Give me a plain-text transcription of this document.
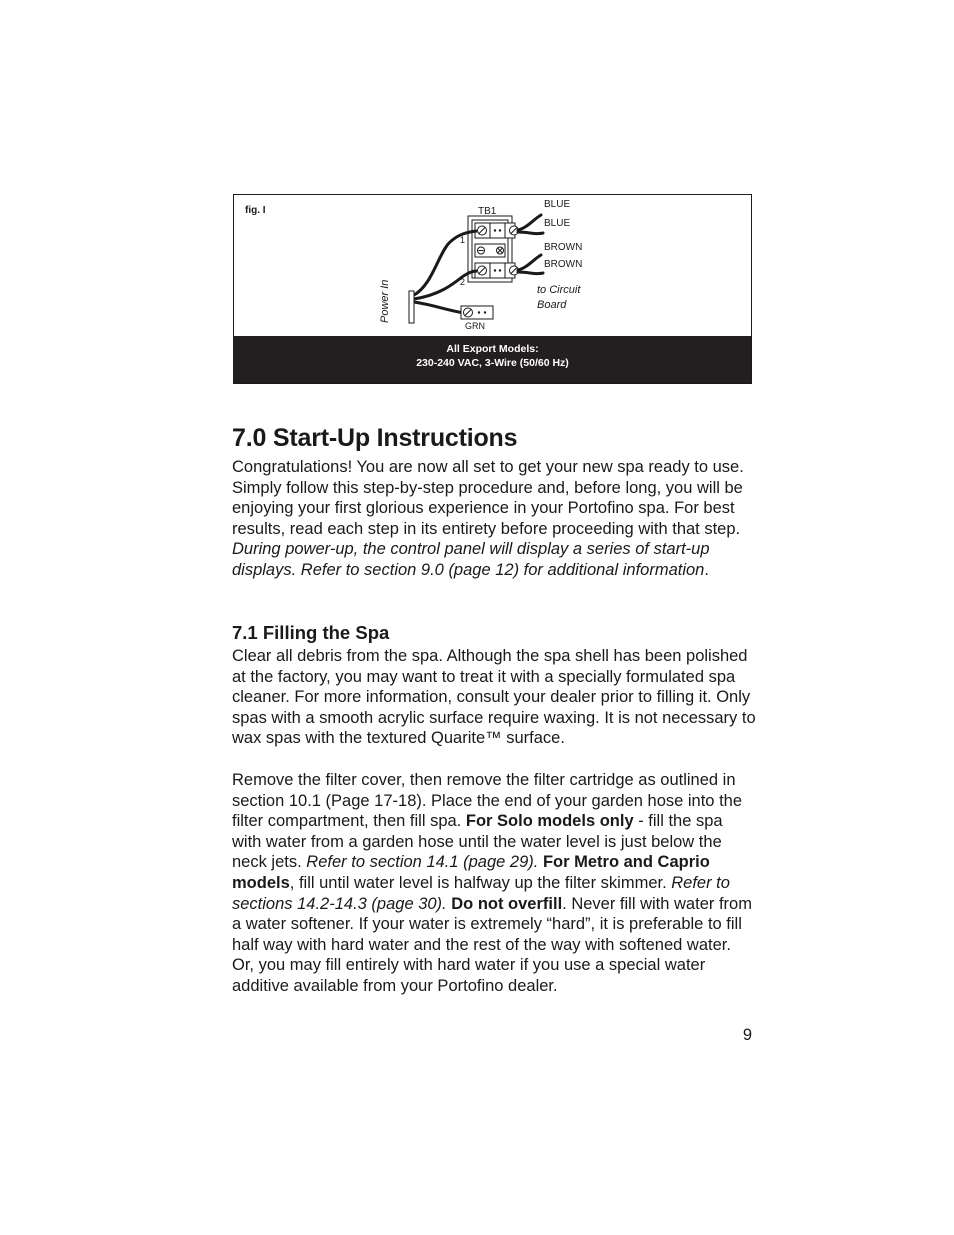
fig. I	TB1
1
2
BLUE
BLUE
BROWN
BROWN
to Circuit Board
GRN
Power In
All Export Models:
230-240 VAC, 3-Wire (50/60 Hz)
7.0 Start-Up Instructions

Congratulations! You are now all set to get your new spa ready to use. Simply follow this step-by-step procedure and, before long, you will be enjoying your first glorious experience in your Portofino spa. For best results, read each step in its entirety before proceeding with that step. During power-up, the control panel will display a series of start-up displays. Refer to section 9.0 (page 12) for additional information.

7.1 Filling the Spa

Clear all debris from the spa. Although the spa shell has been polished at the factory, you may want to treat it with a specially formulated spa cleaner. For more information, consult your dealer prior to filling it. Only spas with a smooth acrylic surface require waxing. It is not necessary to wax spas with the textured Quarite™ surface.

Remove the filter cover, then remove the filter cartridge as outlined in section 10.1 (Page 17-18). Place the end of your garden hose into the filter compartment, then fill spa. For Solo models only - fill the spa with water from a garden hose until the water level is just below the neck jets. Refer to section 14.1 (page 29). For Metro and Caprio models, fill until water level is halfway up the filter skimmer. Refer to sections 14.2-14.3 (page 30). Do not overfill. Never fill with water from a water softener. If your water is extremely “hard”, it is preferable to fill half way with hard water and the rest of the way with softened water. Or, you may fill entirely with hard water if you use a special water additive available from your Portofino dealer.

9
